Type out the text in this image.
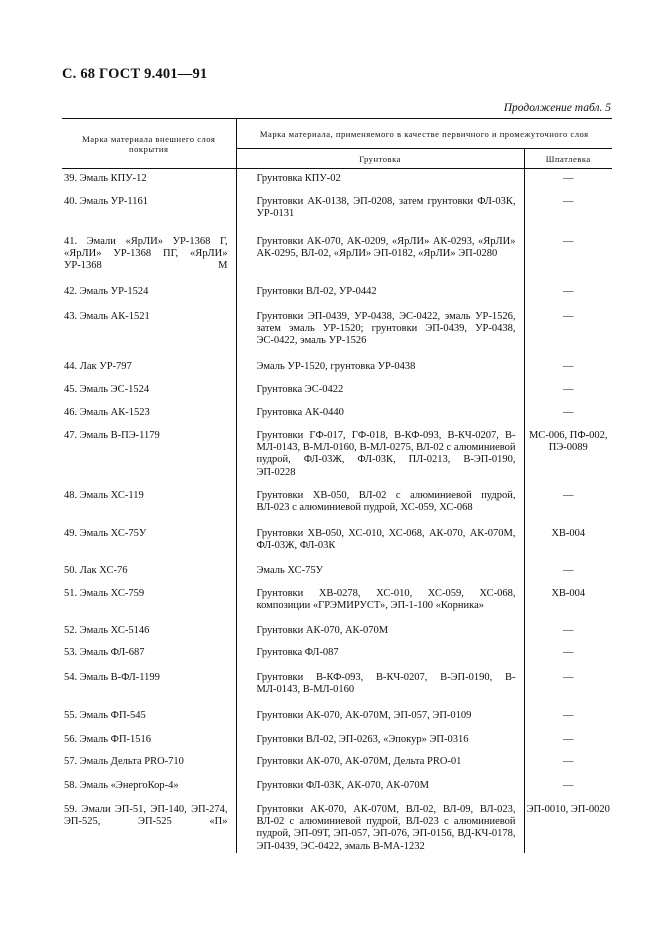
С. 68 ГОСТ 9.401—91
Продолжение табл. 5
Марка материала внешнего слоя покрытия	Марка материала, применяемого в качестве первичного и промежуточного слоя	
	Грунтовка	Шпатлевка

39. Эмаль КПУ-12	Грунтовка КПУ-02	—

40. Эмаль УР-1161	Грунтовки АК-0138, ЭП-0208, затем грунтовки ФЛ-03К, УР-0131	—

41. Эмали «ЯрЛИ» УР-1368 Г, «ЯрЛИ» УР-1368 ПГ, «ЯрЛИ» УР-1368 М	Грунтовки АК-070, АК-0209, «ЯрЛИ» АК-0293, «ЯрЛИ» АК-0295, ВЛ-02, «ЯрЛИ» ЭП-0182, «ЯрЛИ» ЭП-0280	—

42. Эмаль УР-1524	Грунтовки ВЛ-02, УР-0442	—

43. Эмаль АК-1521	Грунтовки ЭП-0439, УР-0438, ЭС-0422, эмаль УР-1526, затем эмаль УР-1520; грунтовки ЭП-0439, УР-0438, ЭС-0422, эмаль УР-1526	—

44. Лак УР-797	Эмаль УР-1520, грунтовка УР-0438	—

45. Эмаль ЭС-1524	Грунтовка ЭС-0422	—

46. Эмаль АК-1523	Грунтовка АК-0440	—

47. Эмаль В-ПЭ-1179	Грунтовки ГФ-017, ГФ-018, В-КФ-093, В-КЧ-0207, В-МЛ-0143, В-МЛ-0160, В-МЛ-0275, ВЛ-02 с алюминиевой пудрой, ФЛ-03Ж, ФЛ-03К, ПЛ-0213, В-ЭП-0190, ЭП-0228	МС-006, ПФ-002, ПЭ-0089

48. Эмаль ХС-119	Грунтовки ХВ-050, ВЛ-02 с алюминиевой пудрой, ВЛ-023 с алюминиевой пудрой, ХС-059, ХС-068	—

49. Эмаль ХС-75У	Грунтовки ХВ-050, ХС-010, ХС-068, АК-070, АК-070М, ФЛ-03Ж, ФЛ-03К	ХВ-004

50. Лак ХС-76	Эмаль ХС-75У	—

51. Эмаль ХС-759	Грунтовки ХВ-0278, ХС-010, ХС-059, ХС-068, композиции «ГРЭМИРУСТ», ЭП-1-100 «Корника»	ХВ-004

52. Эмаль ХС-5146	Грунтовки АК-070, АК-070М	—

53. Эмаль ФЛ-687	Грунтовка ФЛ-087	—

54. Эмаль В-ФЛ-1199	Грунтовки В-КФ-093, В-КЧ-0207, В-ЭП-0190, В-МЛ-0143, В-МЛ-0160	—

55. Эмаль ФП-545	Грунтовки АК-070, АК-070М, ЭП-057, ЭП-0109	—

56. Эмаль ФП-1516	Грунтовки ВЛ-02, ЭП-0263, «Эпокур» ЭП-0316	—

57. Эмаль Дельта PRO-710	Грунтовки АК-070, АК-070М, Дельта PRO-01	—

58. Эмаль «ЭнергоКор-4»	Грунтовки ФЛ-03К, АК-070, АК-070М	—

59. Эмали ЭП-51, ЭП-140, ЭП-274, ЭП-525, ЭП-525 «П»	Грунтовки АК-070, АК-070М, ВЛ-02, ВЛ-09, ВЛ-023, ВЛ-02 с алюминиевой пудрой, ВЛ-023 с алюминиевой пудрой, ЭП-09Т, ЭП-057, ЭП-076, ЭП-0156, ВД-КЧ-0178, ЭП-0439, ЭС-0422, эмаль В-МА-1232	ЭП-0010, ЭП-0020
